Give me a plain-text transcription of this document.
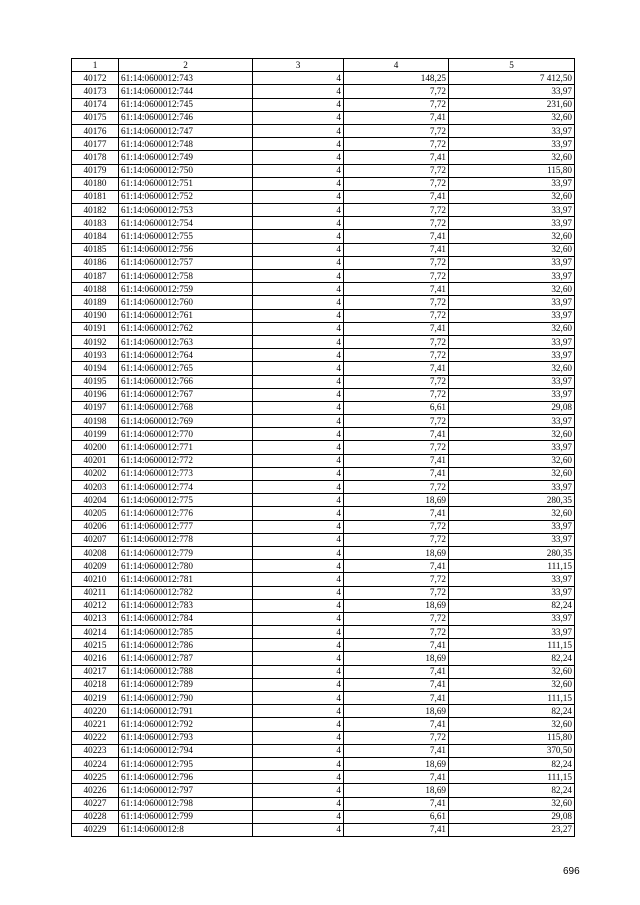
1	2	3	4	5
40172	61:14:0600012:743	4	148,25	7 412,50
40173	61:14:0600012:744	4	7,72	33,97
40174	61:14:0600012:745	4	7,72	231,60
40175	61:14:0600012:746	4	7,41	32,60
40176	61:14:0600012:747	4	7,72	33,97
40177	61:14:0600012:748	4	7,72	33,97
40178	61:14:0600012:749	4	7,41	32,60
40179	61:14:0600012:750	4	7,72	115,80
40180	61:14:0600012:751	4	7,72	33,97
40181	61:14:0600012:752	4	7,41	32,60
40182	61:14:0600012:753	4	7,72	33,97
40183	61:14:0600012:754	4	7,72	33,97
40184	61:14:0600012:755	4	7,41	32,60
40185	61:14:0600012:756	4	7,41	32,60
40186	61:14:0600012:757	4	7,72	33,97
40187	61:14:0600012:758	4	7,72	33,97
40188	61:14:0600012:759	4	7,41	32,60
40189	61:14:0600012:760	4	7,72	33,97
40190	61:14:0600012:761	4	7,72	33,97
40191	61:14:0600012:762	4	7,41	32,60
40192	61:14:0600012:763	4	7,72	33,97
40193	61:14:0600012:764	4	7,72	33,97
40194	61:14:0600012:765	4	7,41	32,60
40195	61:14:0600012:766	4	7,72	33,97
40196	61:14:0600012:767	4	7,72	33,97
40197	61:14:0600012:768	4	6,61	29,08
40198	61:14:0600012:769	4	7,72	33,97
40199	61:14:0600012:770	4	7,41	32,60
40200	61:14:0600012:771	4	7,72	33,97
40201	61:14:0600012:772	4	7,41	32,60
40202	61:14:0600012:773	4	7,41	32,60
40203	61:14:0600012:774	4	7,72	33,97
40204	61:14:0600012:775	4	18,69	280,35
40205	61:14:0600012:776	4	7,41	32,60
40206	61:14:0600012:777	4	7,72	33,97
40207	61:14:0600012:778	4	7,72	33,97
40208	61:14:0600012:779	4	18,69	280,35
40209	61:14:0600012:780	4	7,41	111,15
40210	61:14:0600012:781	4	7,72	33,97
40211	61:14:0600012:782	4	7,72	33,97
40212	61:14:0600012:783	4	18,69	82,24
40213	61:14:0600012:784	4	7,72	33,97
40214	61:14:0600012:785	4	7,72	33,97
40215	61:14:0600012:786	4	7,41	111,15
40216	61:14:0600012:787	4	18,69	82,24
40217	61:14:0600012:788	4	7,41	32,60
40218	61:14:0600012:789	4	7,41	32,60
40219	61:14:0600012:790	4	7,41	111,15
40220	61:14:0600012:791	4	18,69	82,24
40221	61:14:0600012:792	4	7,41	32,60
40222	61:14:0600012:793	4	7,72	115,80
40223	61:14:0600012:794	4	7,41	370,50
40224	61:14:0600012:795	4	18,69	82,24
40225	61:14:0600012:796	4	7,41	111,15
40226	61:14:0600012:797	4	18,69	82,24
40227	61:14:0600012:798	4	7,41	32,60
40228	61:14:0600012:799	4	6,61	29,08
40229	61:14:0600012:8	4	7,41	23,27
696
